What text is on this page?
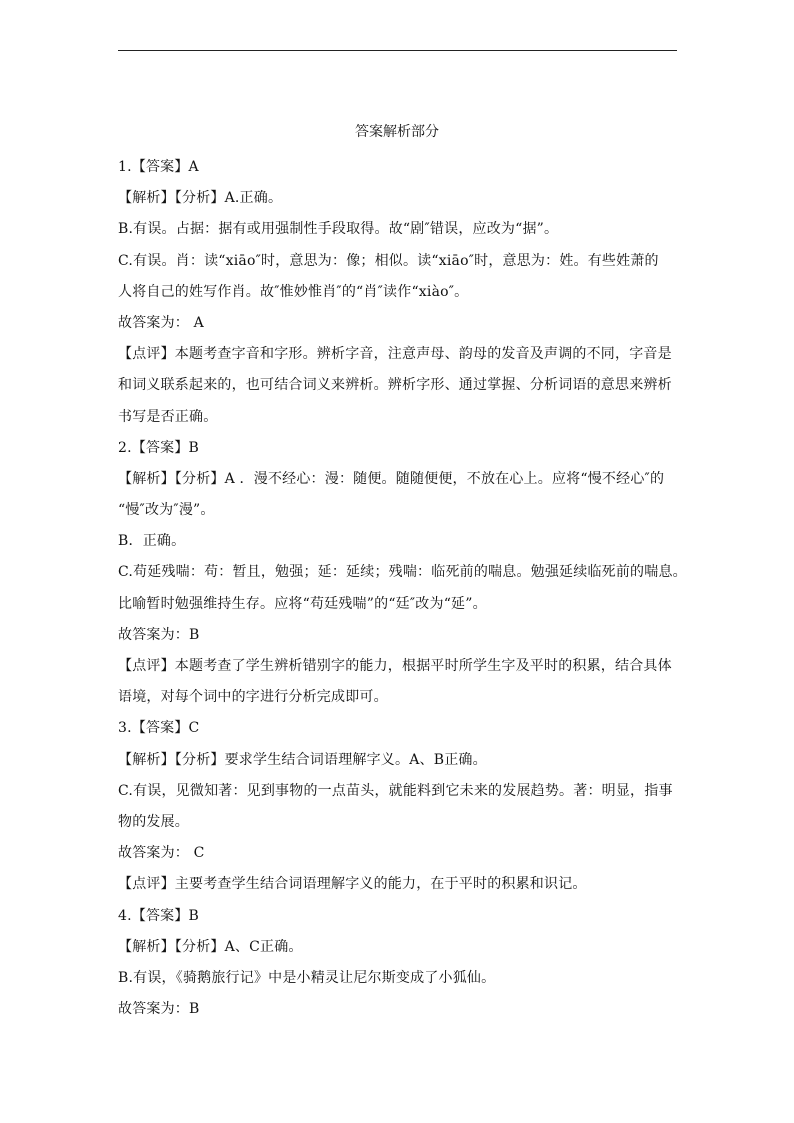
答案解析部分
1.【答案】A
【解析】【分析】A.正确。
B.有误。占据：据有或用强制性手段取得。故“剧″错误，应改为“据”。
C.有误。肖：读“xiāo″时，意思为：像；相似。读“xiāo″时，意思为：姓。有些姓萧的
人将自己的姓写作肖。故″惟妙惟肖″的“肖″读作“xiào″。
故答案为： A
【点评】本题考查字音和字形。辨析字音，注意声母、韵母的发音及声调的不同，字音是
和词义联系起来的，也可结合词义来辨析。辨析字形、通过掌握、分析词语的意思来辨析
书写是否正确。
2.【答案】B
【解析】【分析】A ．漫不经心：漫：随便。随随便便，不放在心上。应将“慢不经心″的
“慢″改为″漫”。
B．正确。
C.苟延残喘：苟：暂且，勉强；延：延续；残喘：临死前的喘息。勉强延续临死前的喘息。
比喻暂时勉强维持生存。应将“苟廷残喘”的“廷″改为“延”。
故答案为：B
【点评】本题考查了学生辨析错别字的能力，根据平时所学生字及平时的积累，结合具体
语境，对每个词中的字进行分析完成即可。
3.【答案】C
【解析】【分析】要求学生结合词语理解字义。A、B正确。
C.有误，见微知著：见到事物的一点苗头，就能料到它未来的发展趋势。著：明显，指事
物的发展。
故答案为： C
【点评】主要考查学生结合词语理解字义的能力，在于平时的积累和识记。
4.【答案】B
【解析】【分析】A、C正确。
B.有误，《骑鹅旅行记》中是小精灵让尼尔斯变成了小狐仙。
故答案为：B
